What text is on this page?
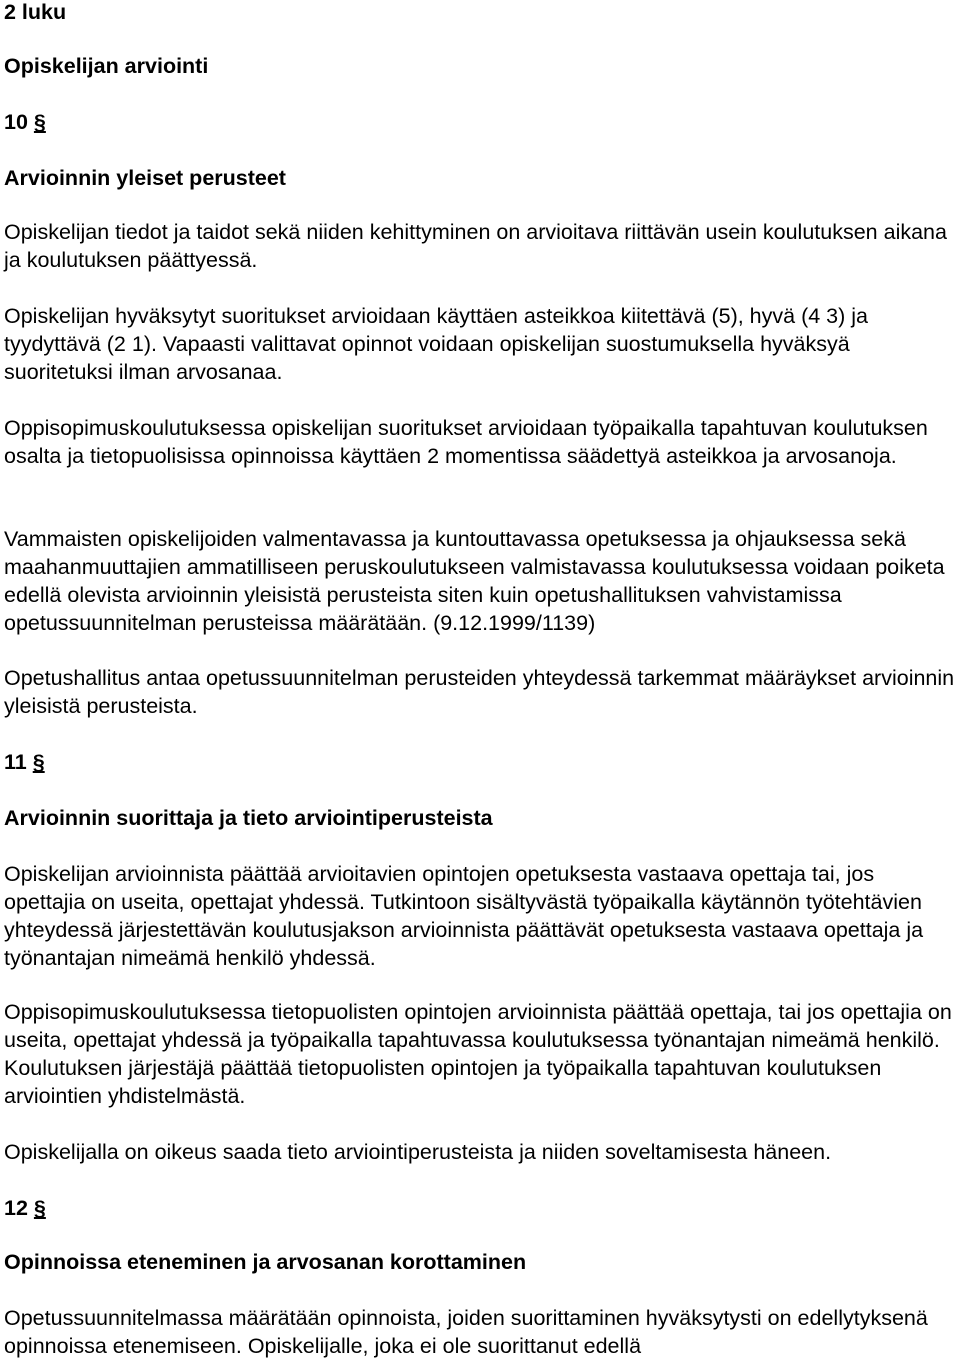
2 luku
Opiskelijan arviointi
10 §
Arvioinnin yleiset perusteet

Opiskelijan tiedot ja taidot sekä niiden kehittyminen on arvioitava riittävän usein koulutuksen aikana ja koulutuksen päättyessä.

Opiskelijan hyväksytyt suoritukset arvioidaan käyttäen asteikkoa kiitettävä (5), hyvä (4 3) ja tyydyttävä (2 1). Vapaasti valittavat opinnot voidaan opiskelijan suostumuksella hyväksyä suoritetuksi ilman arvosanaa.

Oppisopimuskoulutuksessa opiskelijan suoritukset arvioidaan työpaikalla tapahtuvan koulutuksen osalta ja tietopuolisissa opinnoissa käyttäen 2 momentissa säädettyä asteikkoa ja arvosanoja.

Vammaisten opiskelijoiden valmentavassa ja kuntouttavassa opetuksessa ja ohjauksessa sekä maahanmuuttajien ammatilliseen peruskoulutukseen valmistavassa koulutuksessa voidaan poiketa edellä olevista arvioinnin yleisistä perusteista siten kuin opetushallituksen vahvistamissa opetussuunnitelman perusteissa määrätään. (9.12.1999/1139)

Opetushallitus antaa opetussuunnitelman perusteiden yhteydessä tarkemmat määräykset arvioinnin yleisistä perusteista.

11 §
Arvioinnin suorittaja ja tieto arviointiperusteista

Opiskelijan arvioinnista päättää arvioitavien opintojen opetuksesta vastaava opettaja tai, jos opettajia on useita, opettajat yhdessä. Tutkintoon sisältyvästä työpaikalla käytännön työtehtävien yhteydessä järjestettävän koulutusjakson arvioinnista päättävät opetuksesta vastaava opettaja ja työnantajan nimeämä henkilö yhdessä.

Oppisopimuskoulutuksessa tietopuolisten opintojen arvioinnista päättää opettaja, tai jos opettajia on useita, opettajat yhdessä ja työpaikalla tapahtuvassa koulutuksessa työnantajan nimeämä henkilö. Koulutuksen järjestäjä päättää tietopuolisten opintojen ja työpaikalla tapahtuvan koulutuksen arviointien yhdistelmästä.

Opiskelijalla on oikeus saada tieto arviointiperusteista ja niiden soveltamisesta häneen.

12 §
Opinnoissa eteneminen ja arvosanan korottaminen

Opetussuunnitelmassa määrätään opinnoista, joiden suorittaminen hyväksytysti on edellytyksenä opinnoissa etenemiseen. Opiskelijalle, joka ei ole suorittanut edellä
